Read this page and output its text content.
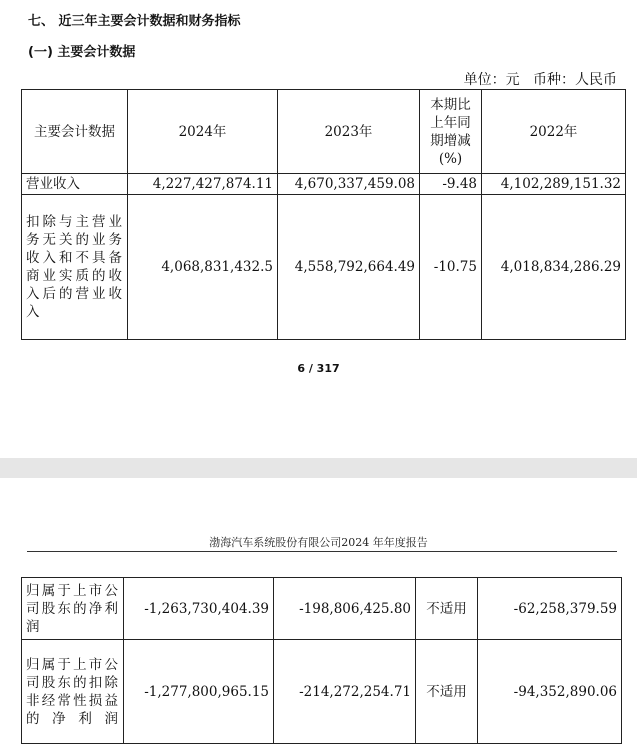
七、 近三年主要会计数据和财务指标
(一) 主要会计数据
单位：元   币种：人民币
主要会计数据	2024年	2023年	本期比上年同期增减(%)	2022年
营业收入	4,227,427,874.11	4,670,337,459.08	-9.48	4,102,289,151.32
扣除与主营业务无关的业务收入和不具备商业实质的收入后的营业收入	4,068,831,432.5	4,558,792,664.49	-10.75	4,018,834,286.29
6 / 317
渤海汽车系统股份有限公司2024 年年度报告
归属于上市公司股东的净利润	-1,263,730,404.39	-198,806,425.80	不适用	-62,258,379.59
归属于上市公司股东的扣除非经常性损益的净利润	-1,277,800,965.15	-214,272,254.71	不适用	-94,352,890.06
